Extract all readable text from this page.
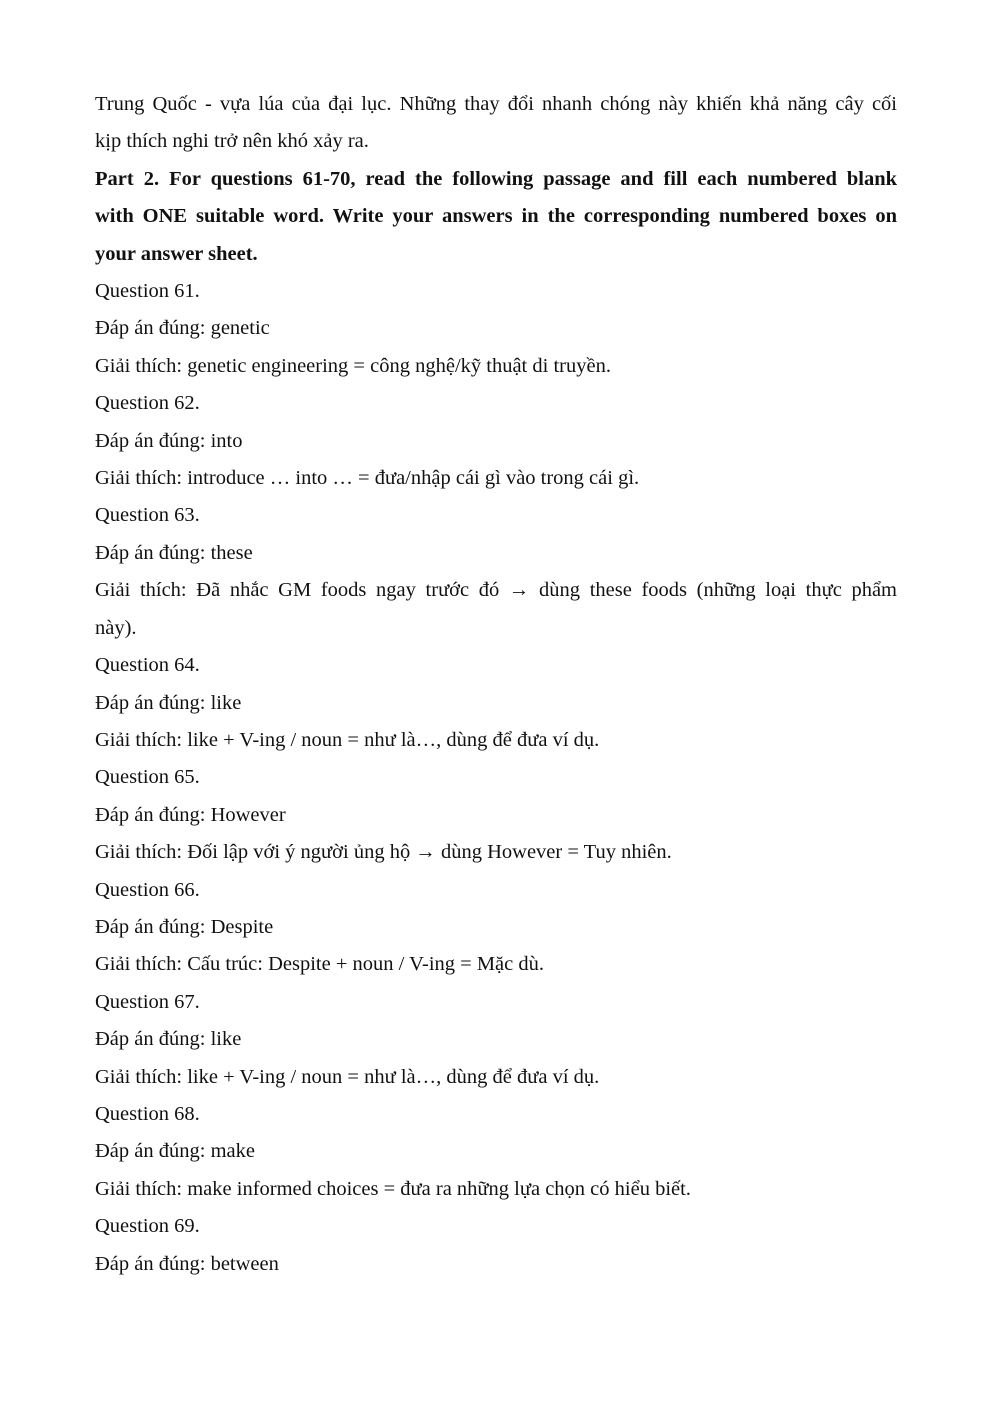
Trung Quốc - vựa lúa của đại lục. Những thay đổi nhanh chóng này khiến khả năng cây cối
kịp thích nghi trở nên khó xảy ra.
Part 2. For questions 61-70, read the following passage and fill each numbered blank
with ONE suitable word. Write your answers in the corresponding numbered boxes on
your answer sheet.
Question 61.
Đáp án đúng: genetic
Giải thích: genetic engineering = công nghệ/kỹ thuật di truyền.
Question 62.
Đáp án đúng: into
Giải thích: introduce … into … = đưa/nhập cái gì vào trong cái gì.
Question 63.
Đáp án đúng: these
Giải thích: Đã nhắc GM foods ngay trước đó → dùng these foods (những loại thực phẩm
này).
Question 64.
Đáp án đúng: like
Giải thích: like + V-ing / noun = như là…, dùng để đưa ví dụ.
Question 65.
Đáp án đúng: However
Giải thích: Đối lập với ý người ủng hộ → dùng However = Tuy nhiên.
Question 66.
Đáp án đúng: Despite
Giải thích: Cấu trúc: Despite + noun / V-ing = Mặc dù.
Question 67.
Đáp án đúng: like
Giải thích: like + V-ing / noun = như là…, dùng để đưa ví dụ.
Question 68.
Đáp án đúng: make
Giải thích: make informed choices = đưa ra những lựa chọn có hiểu biết.
Question 69.
Đáp án đúng: between
